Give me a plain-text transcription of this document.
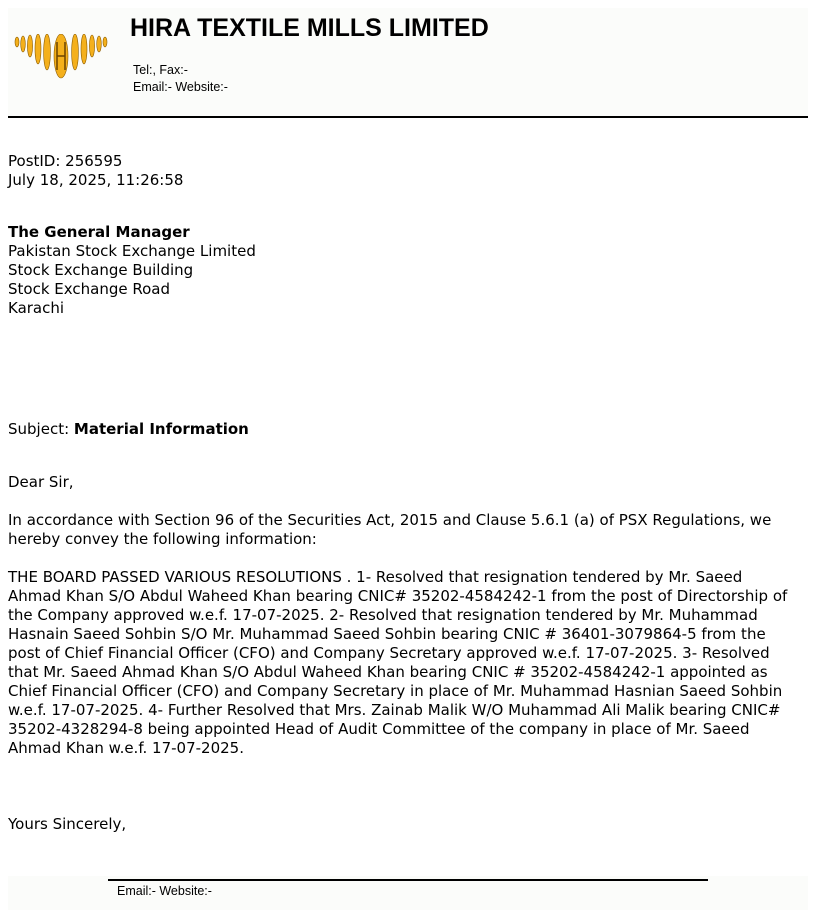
HIRA TEXTILE MILLS LIMITED
Tel:, Fax:-
Email:- Website:-
PostID: 256595
July 18, 2025, 11:26:58
The General Manager
Pakistan Stock Exchange Limited
Stock Exchange Building
Stock Exchange Road
Karachi
Subject: Material Information
Dear Sir,
In accordance with Section 96 of the Securities Act, 2015 and Clause 5.6.1 (a) of PSX Regulations, we hereby convey the following information:
THE BOARD PASSED VARIOUS RESOLUTIONS . 1- Resolved that resignation tendered by Mr. Saeed Ahmad Khan S/O Abdul Waheed Khan bearing CNIC# 35202-4584242-1 from the post of Directorship of the Company approved w.e.f. 17-07-2025. 2- Resolved that resignation tendered by Mr. Muhammad Hasnain Saeed Sohbin S/O Mr. Muhammad Saeed Sohbin bearing CNIC # 36401-3079864-5 from the post of Chief Financial Officer (CFO) and Company Secretary approved w.e.f. 17-07-2025. 3- Resolved that Mr. Saeed Ahmad Khan S/O Abdul Waheed Khan bearing CNIC # 35202-4584242-1 appointed as Chief Financial Officer (CFO) and Company Secretary in place of Mr. Muhammad Hasnian Saeed Sohbin w.e.f. 17-07-2025. 4- Further Resolved that Mrs. Zainab Malik W/O Muhammad Ali Malik bearing CNIC# 35202-4328294-8 being appointed Head of Audit Committee of the company in place of Mr. Saeed Ahmad Khan w.e.f. 17-07-2025.
Yours Sincerely,
Email:- Website:-
